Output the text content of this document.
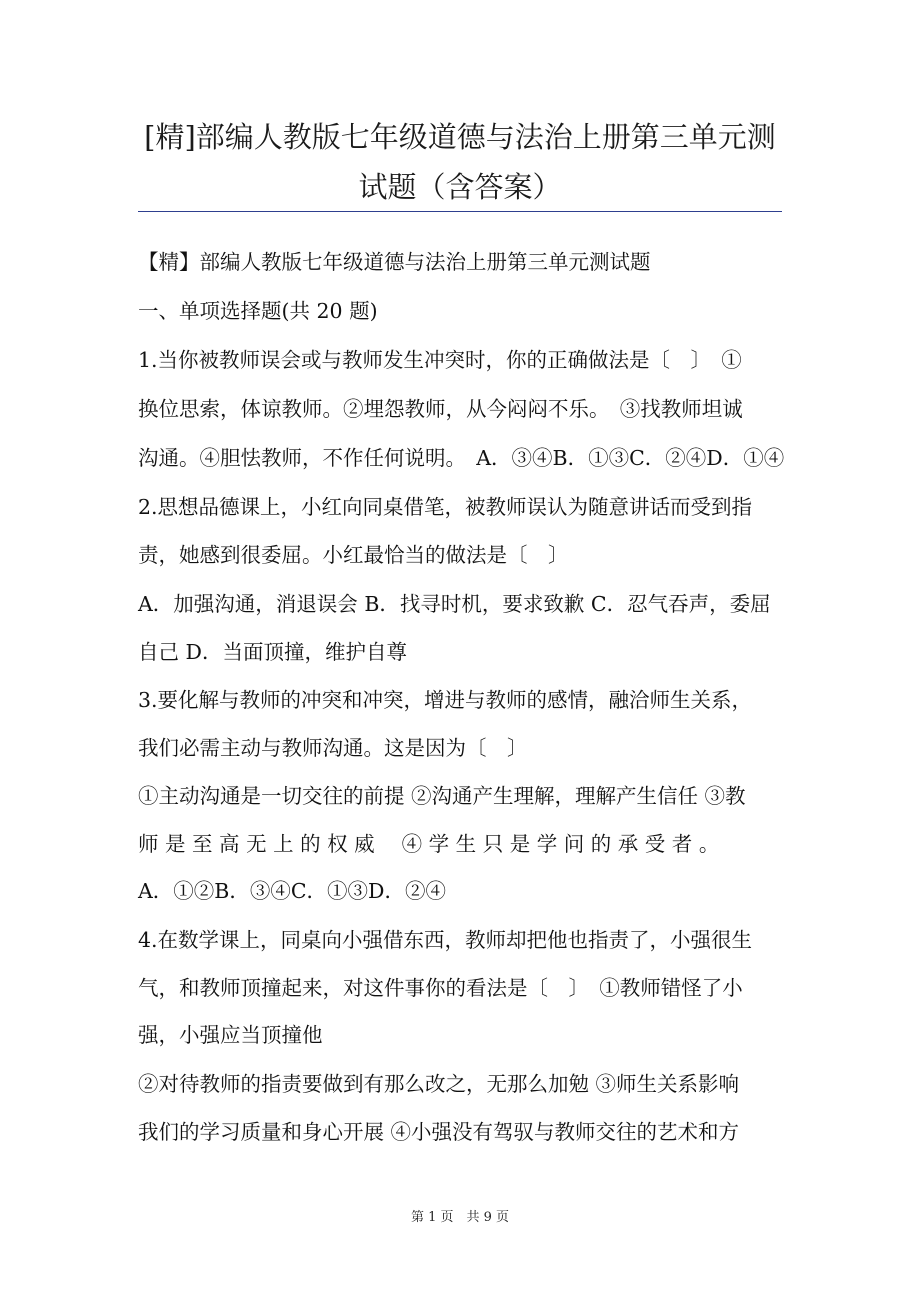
[精]部编人教版七年级道德与法治上册第三单元测
试题（含答案）
【精】部编人教版七年级道德与法治上册第三单元测试题
一、单项选择题(共 20 题)
1.当你被教师误会或与教师发生冲突时，你的正确做法是〔　〕　①
换位思索，体谅教师。②埋怨教师，从今闷闷不乐。　③找教师坦诚
沟通。④胆怯教师，不作任何说明。　A．③④B．①③C．②④D．①④
2.思想品德课上，小红向同桌借笔，被教师误认为随意讲话而受到指
责，她感到很委屈。小红最恰当的做法是〔　〕
A．加强沟通，消退误会 B．找寻时机，要求致歉 C．忍气吞声，委屈
自己 D．当面顶撞，维护自尊
3.要化解与教师的冲突和冲突，增进与教师的感情，融洽师生关系，
我们必需主动与教师沟通。这是因为〔　〕
①主动沟通是一切交往的前提 ②沟通产生理解，理解产生信任 ③教
师 是 至 高 无 上 的 权 威　 ④ 学 生 只 是 学 问 的 承 受 者 。
A．①②B．③④C．①③D．②④
4.在数学课上，同桌向小强借东西，教师却把他也指责了，小强很生
气，和教师顶撞起来，对这件事你的看法是〔　〕　①教师错怪了小
强，小强应当顶撞他
②对待教师的指责要做到有那么改之，无那么加勉 ③师生关系影响
我们的学习质量和身心开展 ④小强没有驾驭与教师交往的艺术和方
第 1 页　共 9 页
